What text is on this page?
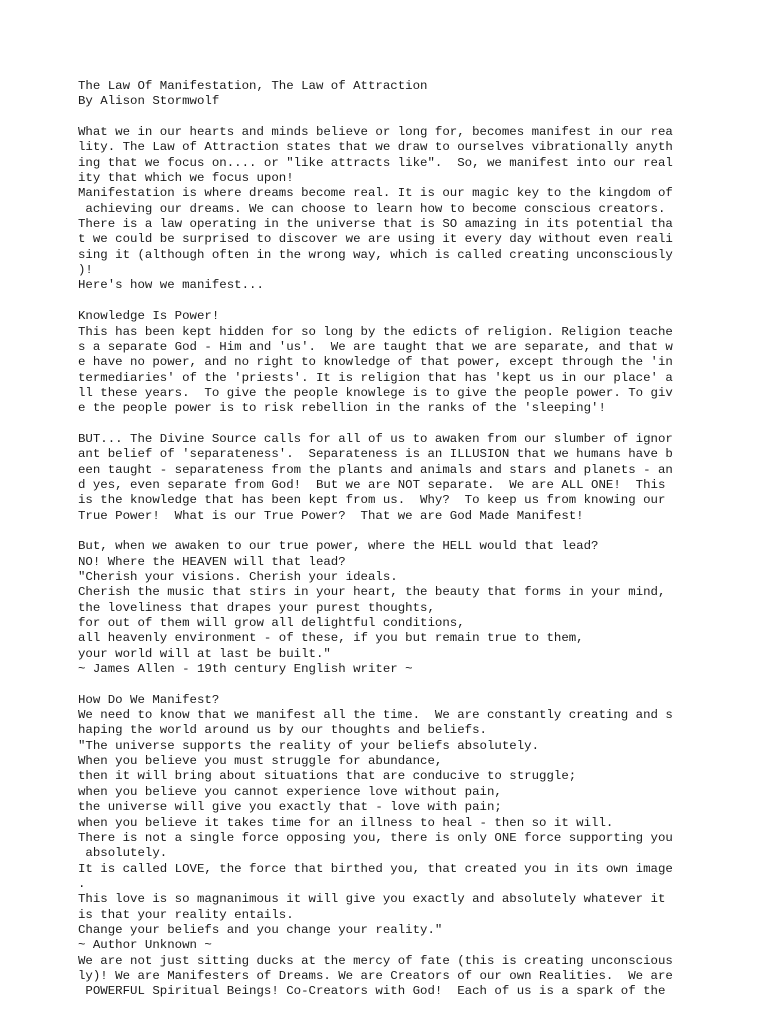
The Law Of Manifestation, The Law of Attraction
By Alison Stormwolf
What we in our hearts and minds believe or long for, becomes manifest in our rea
lity. The Law of Attraction states that we draw to ourselves vibrationally anyth
ing that we focus on.... or "like attracts like".  So, we manifest into our real
ity that which we focus upon!
Manifestation is where dreams become real. It is our magic key to the kingdom of
achieving our dreams. We can choose to learn how to become conscious creators.
There is a law operating in the universe that is SO amazing in its potential tha
t we could be surprised to discover we are using it every day without even reali
sing it (although often in the wrong way, which is called creating unconsciously
)!
Here's how we manifest...
Knowledge Is Power!
This has been kept hidden for so long by the edicts of religion. Religion teache
s a separate God - Him and 'us'.  We are taught that we are separate, and that w
e have no power, and no right to knowledge of that power, except through the 'in
termediaries' of the 'priests'. It is religion that has 'kept us in our place' a
ll these years.  To give the people knowlege is to give the people power. To giv
e the people power is to risk rebellion in the ranks of the 'sleeping'!
BUT... The Divine Source calls for all of us to awaken from our slumber of ignor
ant belief of 'separateness'.  Separateness is an ILLUSION that we humans have b
een taught - separateness from the plants and animals and stars and planets - an
d yes, even separate from God!  But we are NOT separate.  We are ALL ONE!  This
is the knowledge that has been kept from us.  Why?  To keep us from knowing our
True Power!  What is our True Power?  That we are God Made Manifest!
But, when we awaken to our true power, where the HELL would that lead?
NO! Where the HEAVEN will that lead?
"Cherish your visions. Cherish your ideals.
Cherish the music that stirs in your heart, the beauty that forms in your mind,
the loveliness that drapes your purest thoughts,
for out of them will grow all delightful conditions,
all heavenly environment - of these, if you but remain true to them,
your world will at last be built."
~ James Allen - 19th century English writer ~
How Do We Manifest?
We need to know that we manifest all the time.  We are constantly creating and s
haping the world around us by our thoughts and beliefs.
"The universe supports the reality of your beliefs absolutely.
When you believe you must struggle for abundance,
then it will bring about situations that are conducive to struggle;
when you believe you cannot experience love without pain,
the universe will give you exactly that - love with pain;
when you believe it takes time for an illness to heal - then so it will.
There is not a single force opposing you, there is only ONE force supporting you
absolutely.
It is called LOVE, the force that birthed you, that created you in its own image
.
This love is so magnanimous it will give you exactly and absolutely whatever it
is that your reality entails.
Change your beliefs and you change your reality."
~ Author Unknown ~
We are not just sitting ducks at the mercy of fate (this is creating unconscious
ly)! We are Manifesters of Dreams. We are Creators of our own Realities.  We are
POWERFUL Spiritual Beings! Co-Creators with God!  Each of us is a spark of the
